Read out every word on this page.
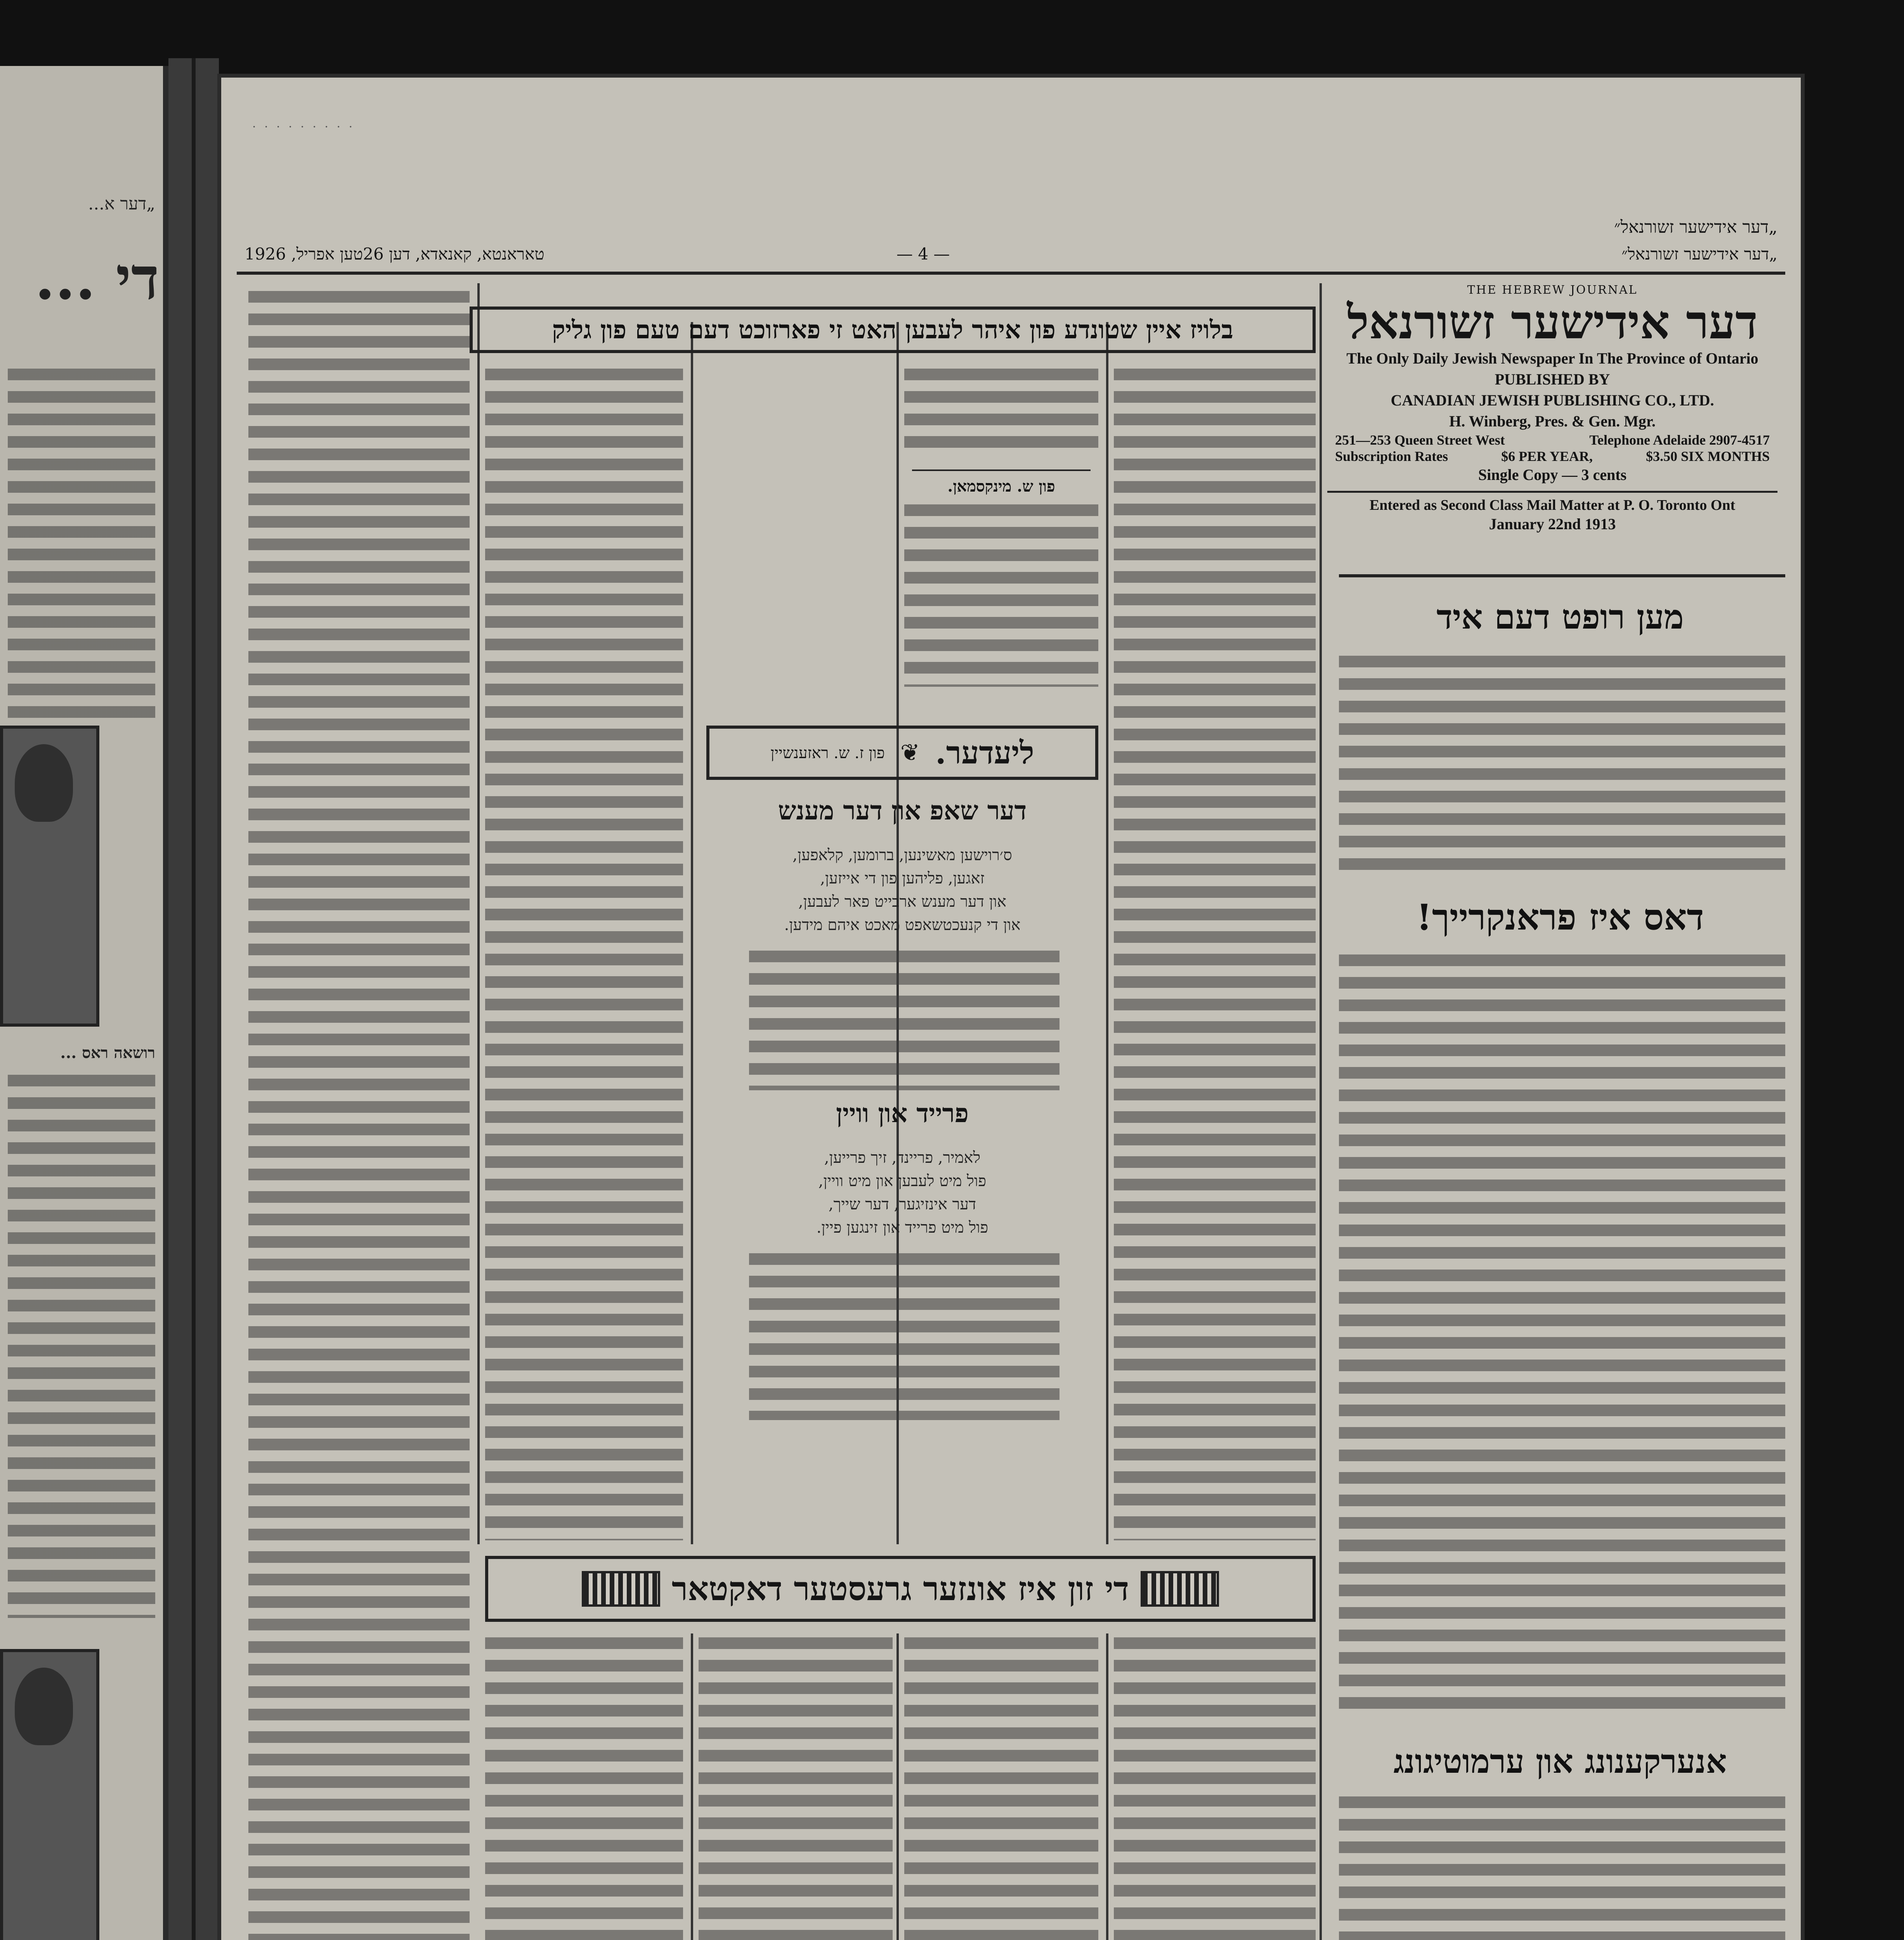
„דער א...
די ...
רושאה ראס ...
· · · · · · · · ·
„דער אידישער זשורנאל״
„דער אידישער זשורנאל״
— 4 —
טאראנטא, קאנאדא, דען 26טען אפריל, 1926
THE HEBREW JOURNAL
דער אידישער זשורנאל
The Only Daily Jewish Newspaper In The Province of Ontario
PUBLISHED BY
CANADIAN JEWISH PUBLISHING CO., LTD.
H. Winberg, Pres. & Gen. Mgr.
251—253 Queen Street West	Telephone Adelaide 2907-4517
Subscription Rates	$6 PER YEAR,	$3.50 SIX MONTHS
Single Copy — 3 cents
Entered as Second Class Mail Matter at P. O. Toronto Ont
January 22nd 1913
בלויז איין שטונדע פון איהר לעבען האט זי פארזוכט דעם טעם פון גליק
מען רופט דעם איד
דאס איז פראנקרייך!
אנערקענונג און ערמוטיגונג
פון ש. מינקסמאן.
ליעדער.
❦
פון ז. ש. ראזענשיין
דער שאפ און דער מענש
ס׳רוישען מאשינען, ברומען, קלאפען,
זאגען, פליהען פון די אייזען,
און דער מענש ארבייט פאר לעבען,
און די קנעכטשאפט מאכט איהם מידען.
פרייד און וויין
לאמיר, פריינד, זיך פרייען,
פול מיט לעבען און מיט וויין,
דער אינזיגער, דער שייך,
פול מיט פרייד און זינגען פיין.
די זון איז אונזער גרעסטער דאקטאר
